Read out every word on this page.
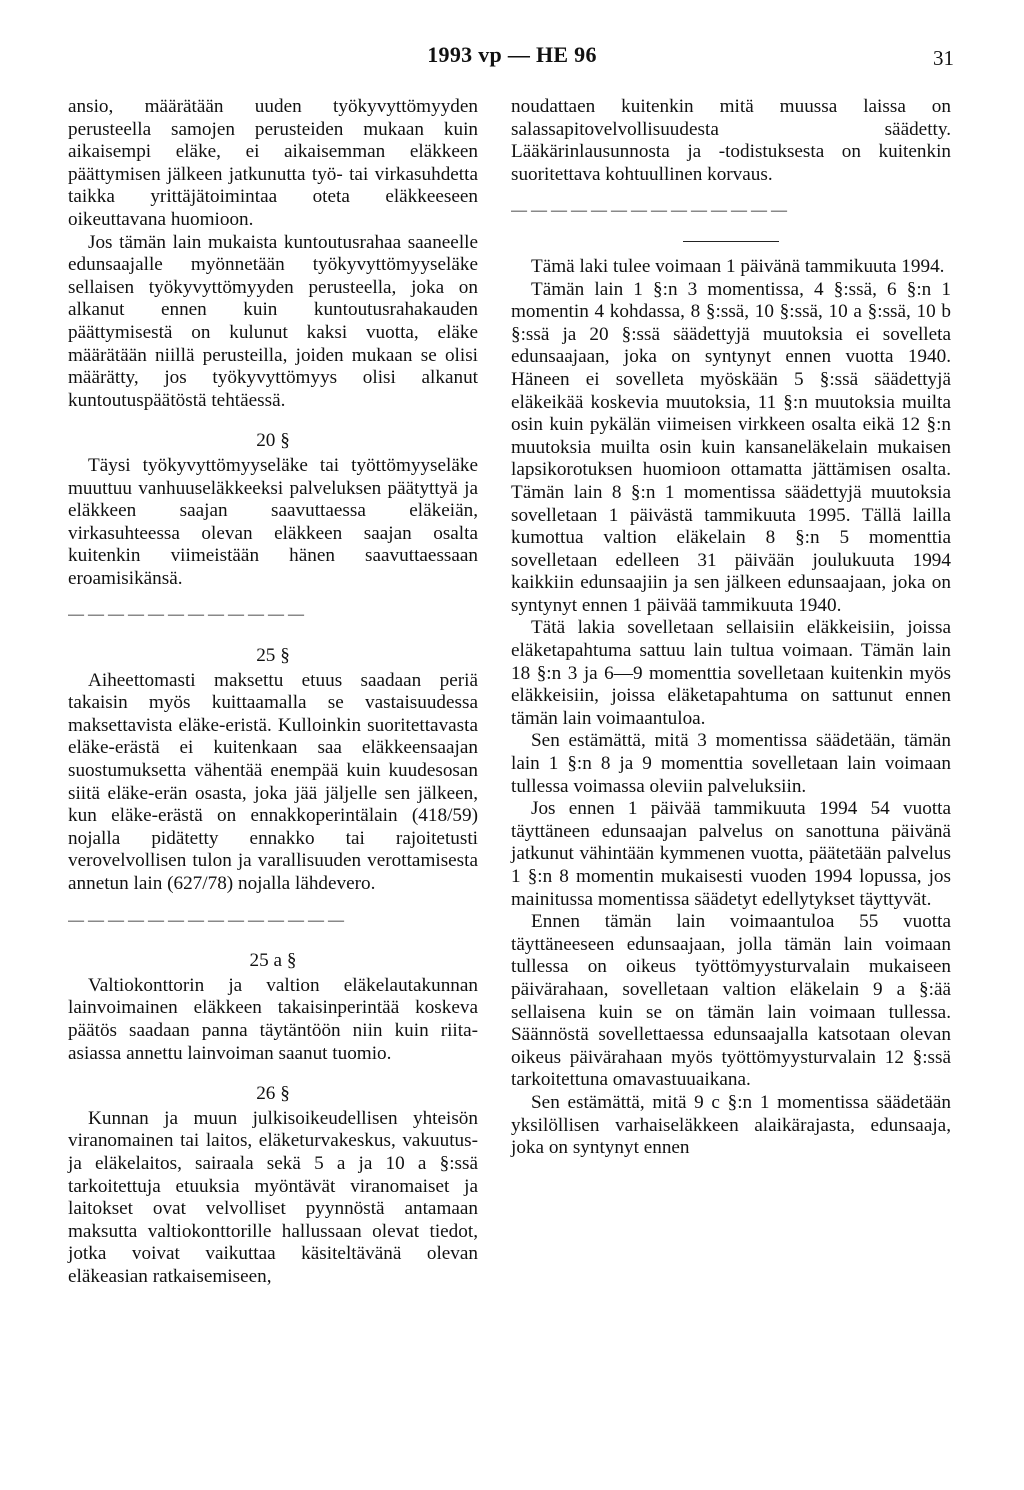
1993 vp — HE 96	31

ansio, määrätään uuden työkyvyttömyyden perusteella samojen perusteiden mukaan kuin aikaisempi eläke, ei aikaisemman eläkkeen päättymisen jälkeen jatkunutta työ- tai virkasuhdetta taikka yrittäjätoimintaa oteta eläkkeeseen oikeuttavana huomioon.

Jos tämän lain mukaista kuntoutusrahaa saaneelle edunsaajalle myönnetään työkyvyttömyyseläke sellaisen työkyvyttömyyden perusteella, joka on alkanut ennen kuin kuntoutusrahakauden päättymisestä on kulunut kaksi vuotta, eläke määrätään niillä perusteilla, joiden mukaan se olisi määrätty, jos työkyvyttömyys olisi alkanut kuntoutuspäätöstä tehtäessä.

20 §

Täysi työkyvyttömyyseläke tai työttömyyseläke muuttuu vanhuuseläkkeeksi palveluksen päätyttyä ja eläkkeen saajan saavuttaessa eläkeiän, virkasuhteessa olevan eläkkeen saajan osalta kuitenkin viimeistään hänen saavuttaessaan eroamisikänsä.

— — — — — — — — — — — —
25 §

Aiheettomasti maksettu etuus saadaan periä takaisin myös kuittaamalla se vastaisuudessa maksettavista eläke-eristä. Kulloinkin suoritettavasta eläke-erästä ei kuitenkaan saa eläkkeensaajan suostumuksetta vähentää enempää kuin kuudesosan siitä eläke-erän osasta, joka jää jäljelle sen jälkeen, kun eläke-erästä on ennakkoperintälain (418/59) nojalla pidätetty ennakko tai rajoitetusti verovelvollisen tulon ja varallisuuden verottamisesta annetun lain (627/78) nojalla lähdevero.

— — — — — — — — — — — — — —
25 a §

Valtiokonttorin ja valtion eläkelautakunnan lainvoimainen eläkkeen takaisinperintää koskeva päätös saadaan panna täytäntöön niin kuin riita-asiassa annettu lainvoiman saanut tuomio.

26 §

Kunnan ja muun julkisoikeudellisen yhteisön viranomainen tai laitos, eläketurvakeskus, vakuutus- ja eläkelaitos, sairaala sekä 5 a ja 10 a §:ssä tarkoitettuja etuuksia myöntävät viranomaiset ja laitokset ovat velvolliset pyynnöstä antamaan maksutta valtiokonttorille hallussaan olevat tiedot, jotka voivat vaikuttaa käsiteltävänä olevan eläkeasian ratkaisemiseen,

noudattaen kuitenkin mitä muussa laissa on salassapitovelvollisuudesta säädetty. Lääkärinlausunnosta ja -todistuksesta on kuitenkin suoritettava kohtuullinen korvaus.

— — — — — — — — — — — — — —

Tämä laki tulee voimaan 1 päivänä tammikuuta 1994.

Tämän lain 1 §:n 3 momentissa, 4 §:ssä, 6 §:n 1 momentin 4 kohdassa, 8 §:ssä, 10 §:ssä, 10 a §:ssä, 10 b §:ssä ja 20 §:ssä säädettyjä muutoksia ei sovelleta edunsaajaan, joka on syntynyt ennen vuotta 1940. Häneen ei sovelleta myöskään 5 §:ssä säädettyjä eläkeikää koskevia muutoksia, 11 §:n muutoksia muilta osin kuin pykälän viimeisen virkkeen osalta eikä 12 §:n muutoksia muilta osin kuin kansaneläkelain mukaisen lapsikorotuksen huomioon ottamatta jättämisen osalta. Tämän lain 8 §:n 1 momentissa säädettyjä muutoksia sovelletaan 1 päivästä tammikuuta 1995. Tällä lailla kumottua valtion eläkelain 8 §:n 5 momenttia sovelletaan edelleen 31 päivään joulukuuta 1994 kaikkiin edunsaajiin ja sen jälkeen edunsaajaan, joka on syntynyt ennen 1 päivää tammikuuta 1940.

Tätä lakia sovelletaan sellaisiin eläkkeisiin, joissa eläketapahtuma sattuu lain tultua voimaan. Tämän lain 18 §:n 3 ja 6—9 momenttia sovelletaan kuitenkin myös eläkkeisiin, joissa eläketapahtuma on sattunut ennen tämän lain voimaantuloa.

Sen estämättä, mitä 3 momentissa säädetään, tämän lain 1 §:n 8 ja 9 momenttia sovelletaan lain voimaan tullessa voimassa oleviin palveluksiin.

Jos ennen 1 päivää tammikuuta 1994 54 vuotta täyttäneen edunsaajan palvelus on sanottuna päivänä jatkunut vähintään kymmenen vuotta, päätetään palvelus 1 §:n 8 momentin mukaisesti vuoden 1994 lopussa, jos mainitussa momentissa säädetyt edellytykset täyttyvät.

Ennen tämän lain voimaantuloa 55 vuotta täyttäneeseen edunsaajaan, jolla tämän lain voimaan tullessa on oikeus työttömyysturvalain mukaiseen päivärahaan, sovelletaan valtion eläkelain 9 a §:ää sellaisena kuin se on tämän lain voimaan tullessa. Säännöstä sovellettaessa edunsaajalla katsotaan olevan oikeus päivärahaan myös työttömyysturvalain 12 §:ssä tarkoitettuna omavastuuaikana.

Sen estämättä, mitä 9 c §:n 1 momentissa säädetään yksilöllisen varhaiseläkkeen alaikärajasta, edunsaaja, joka on syntynyt ennen
